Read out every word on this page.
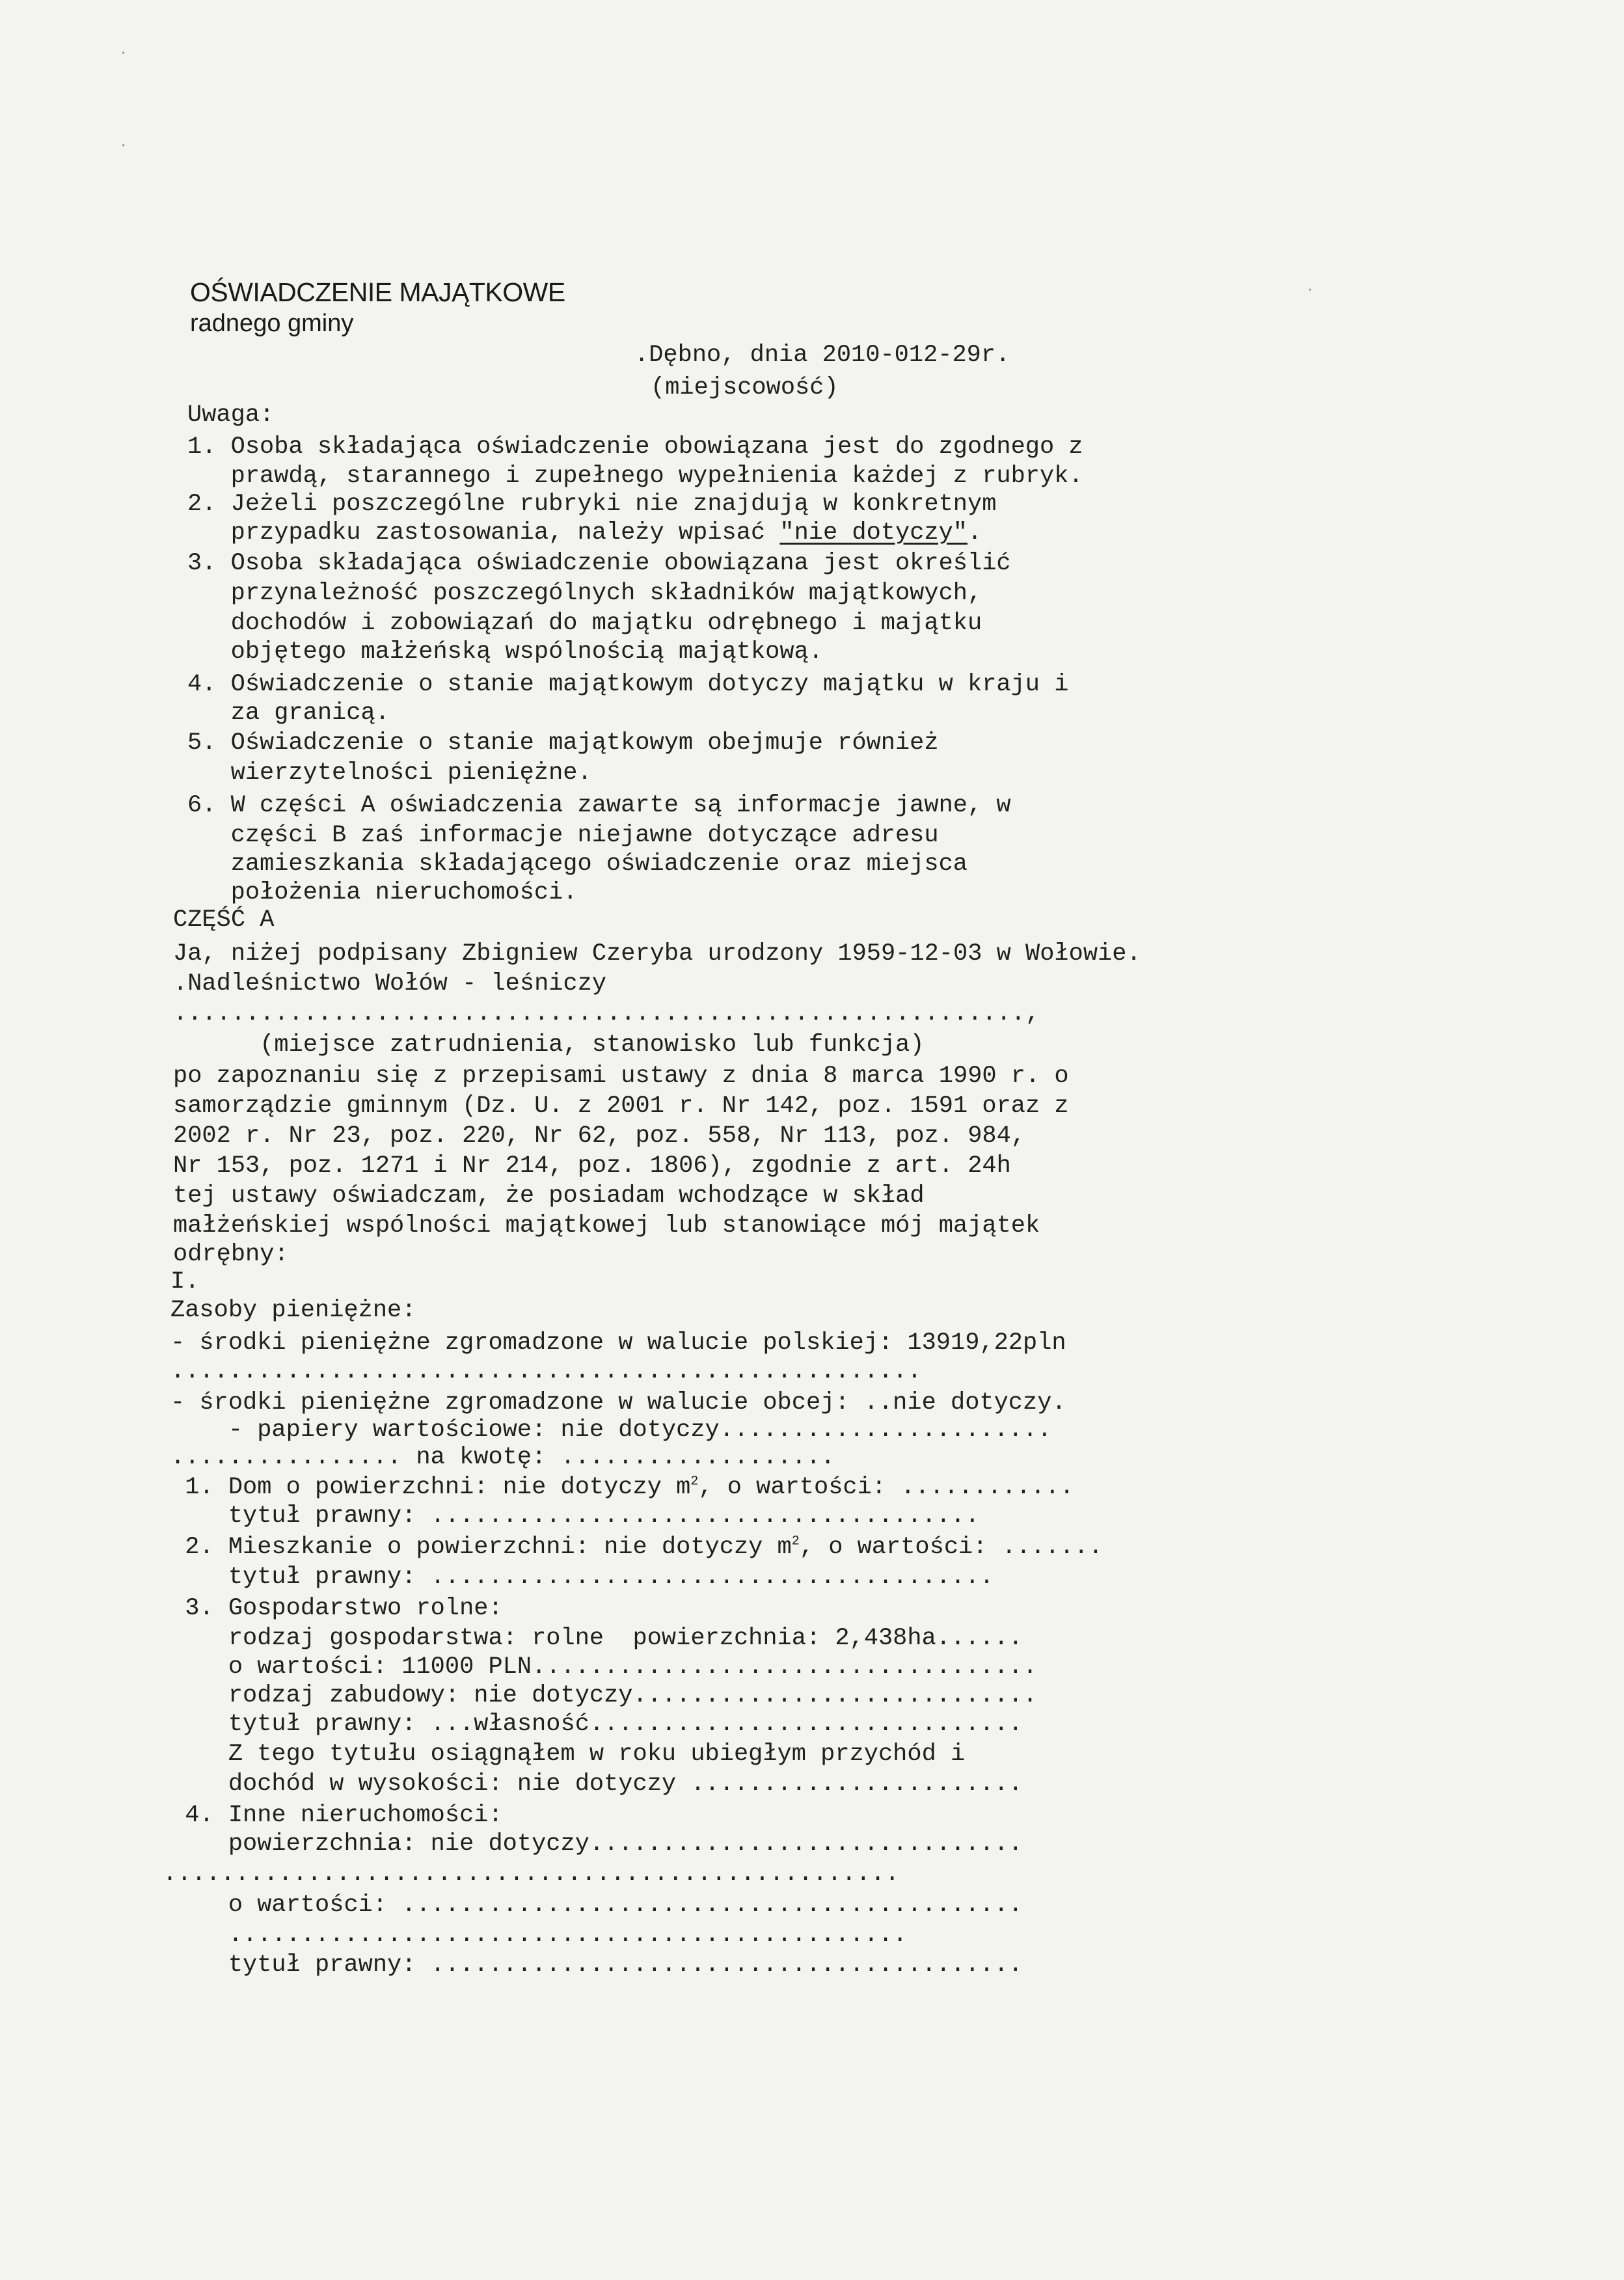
·
·
·
OŚWIADCZENIE MAJĄTKOWE
radnego gminy
.Dębno, dnia 2010-012-29r.
(miejscowość)
Uwaga:
1. Osoba składająca oświadczenie obowiązana jest do zgodnego z
prawdą, starannego i zupełnego wypełnienia każdej z rubryk.
2. Jeżeli poszczególne rubryki nie znajdują w konkretnym
przypadku zastosowania, należy wpisać "nie dotyczy".
3. Osoba składająca oświadczenie obowiązana jest określić
przynależność poszczególnych składników majątkowych,
dochodów i zobowiązań do majątku odrębnego i majątku
objętego małżeńską wspólnością majątkową.
4. Oświadczenie o stanie majątkowym dotyczy majątku w kraju i
za granicą.
5. Oświadczenie o stanie majątkowym obejmuje również
wierzytelności pieniężne.
6. W części A oświadczenia zawarte są informacje jawne, w
części B zaś informacje niejawne dotyczące adresu
zamieszkania składającego oświadczenie oraz miejsca
położenia nieruchomości.
CZĘŚĆ A
Ja, niżej podpisany Zbigniew Czeryba urodzony 1959-12-03 w Wołowie.
.Nadleśnictwo Wołów - leśniczy
...........................................................,
(miejsce zatrudnienia, stanowisko lub funkcja)
po zapoznaniu się z przepisami ustawy z dnia 8 marca 1990 r. o
samorządzie gminnym (Dz. U. z 2001 r. Nr 142, poz. 1591 oraz z
2002 r. Nr 23, poz. 220, Nr 62, poz. 558, Nr 113, poz. 984,
Nr 153, poz. 1271 i Nr 214, poz. 1806), zgodnie z art. 24h
tej ustawy oświadczam, że posiadam wchodzące w skład
małżeńskiej wspólności majątkowej lub stanowiące mój majątek
odrębny:
I.
Zasoby pieniężne:
- środki pieniężne zgromadzone w walucie polskiej: 13919,22pln
....................................................
- środki pieniężne zgromadzone w walucie obcej: ..nie dotyczy.
- papiery wartościowe: nie dotyczy.......................
................ na kwotę: ...................
1. Dom o powierzchni: nie dotyczy $m^2$, o wartości: ............
tytuł prawny: ......................................
2. Mieszkanie o powierzchni: nie dotyczy $m^2$, o wartości: .......
tytuł prawny: .......................................
3. Gospodarstwo rolne:
rodzaj gospodarstwa: rolne  powierzchnia: 2,438ha......
o wartości: 11000 PLN...................................
rodzaj zabudowy: nie dotyczy............................
tytuł prawny: ...własność..............................
Z tego tytułu osiągnąłem w roku ubiegłym przychód i
dochód w wysokości: nie dotyczy .......................
4. Inne nieruchomości:
powierzchnia: nie dotyczy..............................
...................................................
o wartości: ...........................................
...............................................
tytuł prawny: .........................................
